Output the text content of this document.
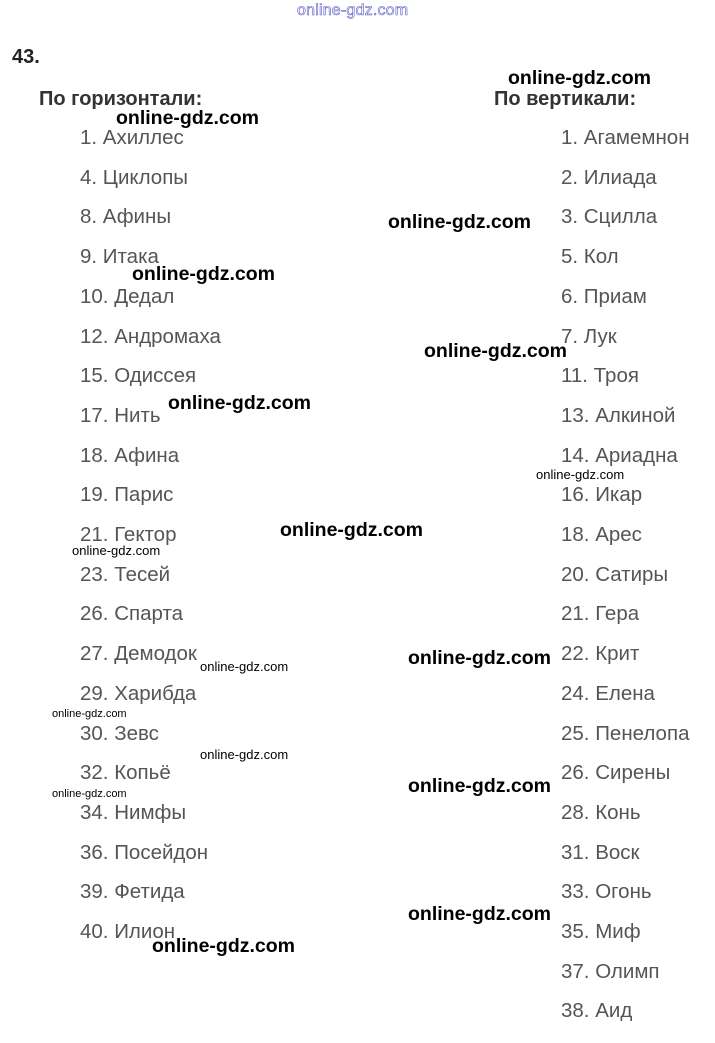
online-gdz.com
43.
По горизонтали:	По вертикали:
1. Ахиллес
4. Циклопы
8. Афины
9. Итака
10. Дедал
12. Андромаха
15. Одиссея
17. Нить
18. Афина
19. Парис
21. Гектор
23. Тесей
26. Спарта
27. Демодок
29. Харибда
30. Зевс
32. Копьё
34. Нимфы
36. Посейдон
39. Фетида
40. Илион
1. Агамемнон
2. Илиада
3. Сцилла
5. Кол
6. Приам
7. Лук
11. Троя
13. Алкиной
14. Ариадна
16. Икар
18. Арес
20. Сатиры
21. Гера
22. Крит
24. Елена
25. Пенелопа
26. Сирены
28. Конь
31. Воск
33. Огонь
35. Миф
37. Олимп
38. Аид
online-gdz.com
online-gdz.com
online-gdz.com
online-gdz.com
online-gdz.com
online-gdz.com
online-gdz.com
online-gdz.com
online-gdz.com
online-gdz.com
online-gdz.com
online-gdz.com
online-gdz.com
online-gdz.com
online-gdz.com
online-gdz.com
online-gdz.com
